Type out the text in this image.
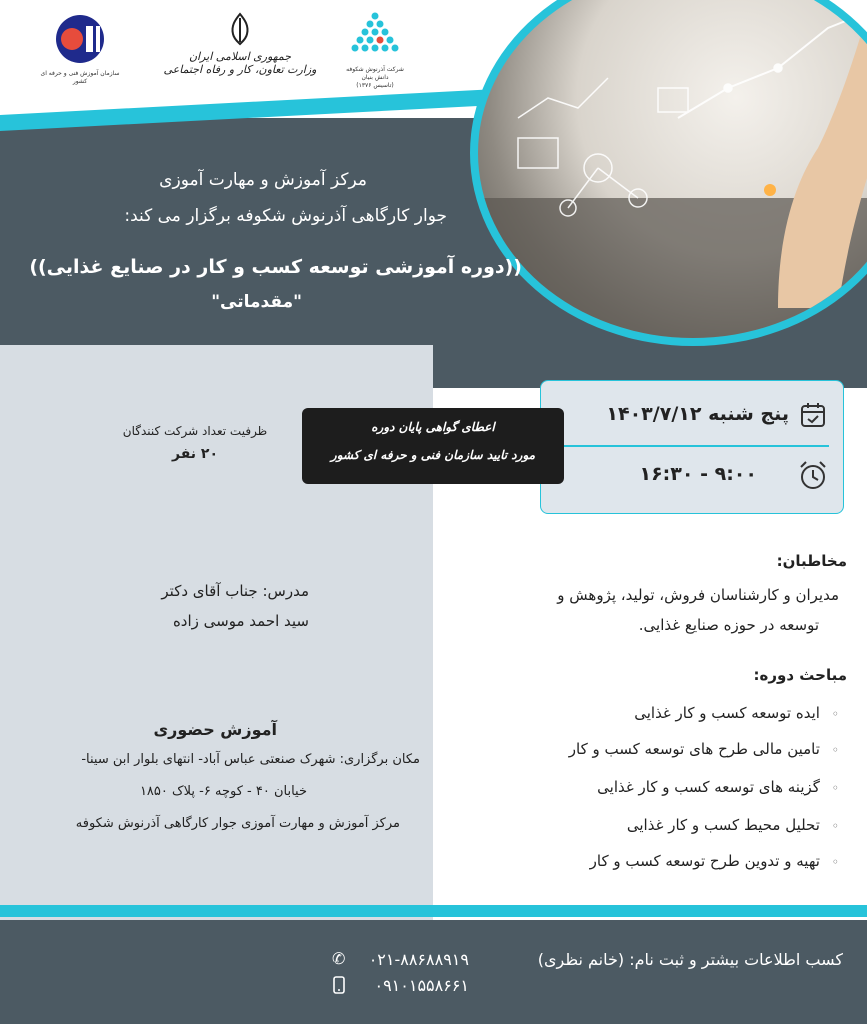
شرکت آذرنوش شکوفه
دانش بنیان
(تاسیس ۱۳۷۶)
جمهوری اسلامی ایران
وزارت تعاون، کار و رفاه اجتماعی
سازمان آموزش فنی و حرفه ای کشور
مرکز آموزش و مهارت آموزی
جوار کارگاهی آذرنوش شکوفه برگزار می کند:
((دوره آموزشی توسعه کسب و کار در صنایع غذایی))
"مقدماتی"
پنج شنبه ۱۴۰۳/۷/۱۲
۹:۰۰ - ۱۶:۳۰
اعطای گواهی پایان دوره
مورد تایید سازمان فنی و حرفه ای کشور
ظرفیت تعداد شرکت کنندگان
۲۰ نفر
مدرس: جناب آقای دکتر
سید احمد موسی زاده
مخاطبان:
مدیران و کارشناسان فروش، تولید، پژوهش و
توسعه در حوزه صنایع غذایی.
مباحث دوره:
◦ایده توسعه کسب و کار غذایی
◦تامین مالی طرح های توسعه کسب و کار
◦گزینه های توسعه کسب و کار غذایی
◦تحلیل محیط کسب و کار غذایی
◦تهیه و تدوین طرح توسعه کسب و کار
آموزش حضوری
مکان برگزاری: شهرک صنعتی عباس آباد- انتهای بلوار ابن سینا-
خیابان ۴۰ - کوچه ۶- پلاک ۱۸۵۰
مرکز آموزش و مهارت آموزی جوار کارگاهی آذرنوش شکوفه
کسب اطلاعات بیشتر و ثبت نام: (خانم نظری)
۰۲۱-۸۸۶۸۸۹۱۹
✆
۰۹۱۰۱۵۵۸۶۶۱
